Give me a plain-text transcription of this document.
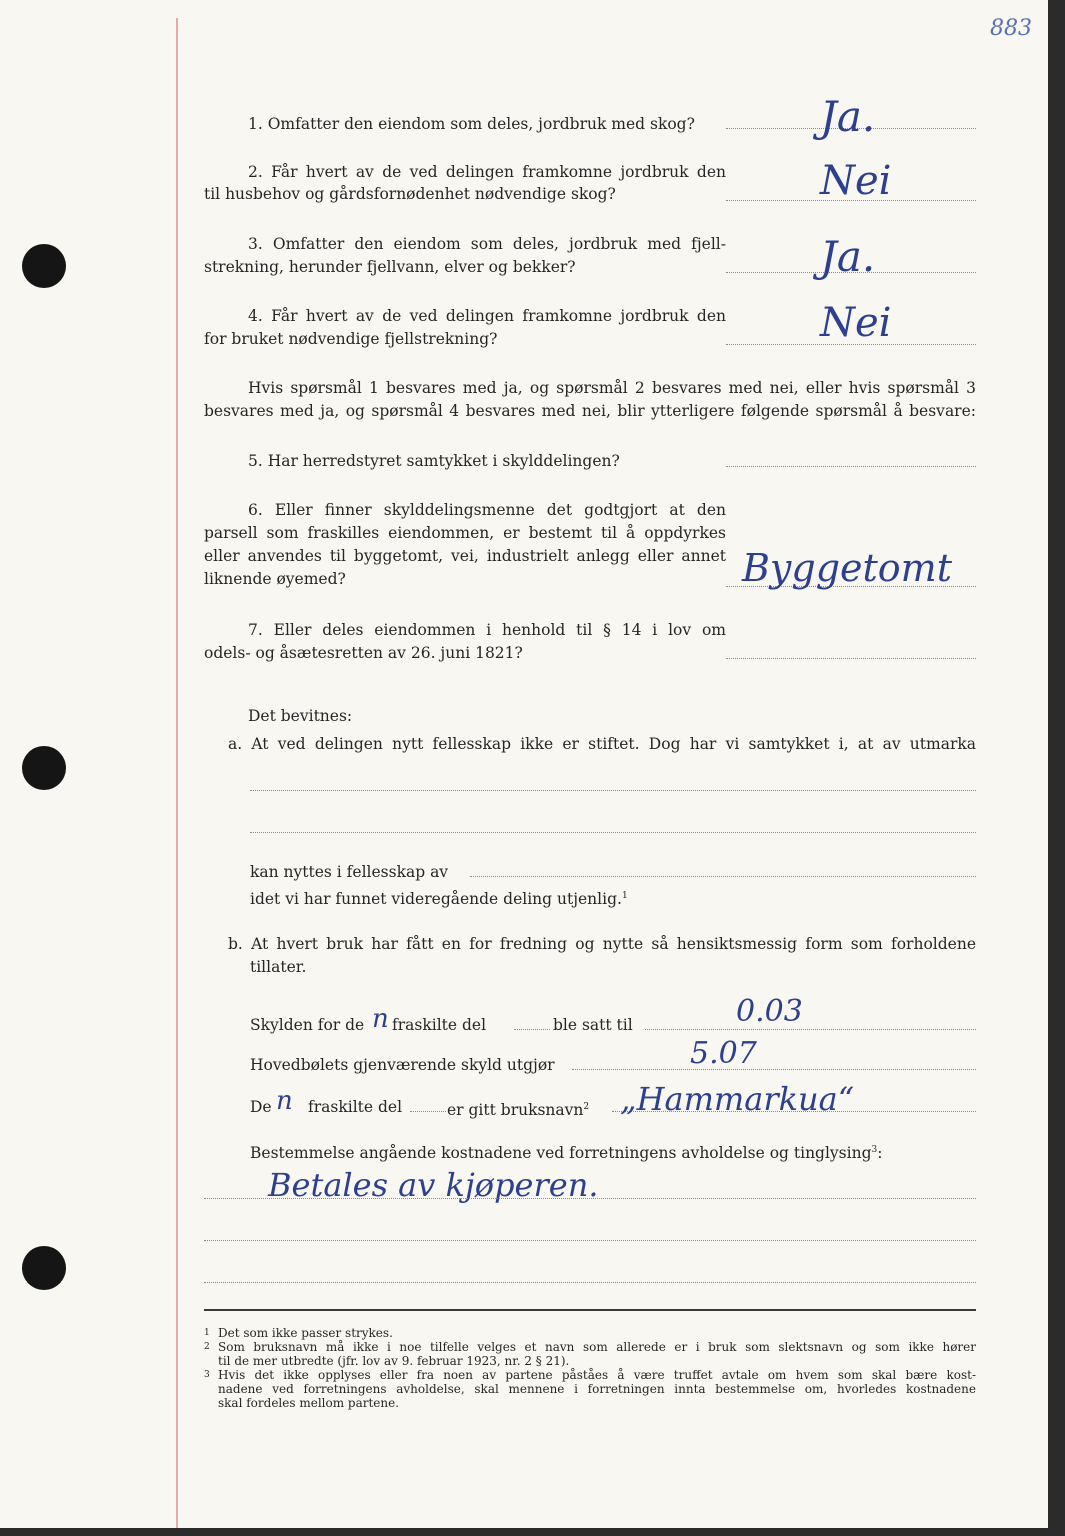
883
1. Omfatter den eiendom som deles, jordbruk med skog?	Ja.
2. Får hvert av de ved delingen framkomne jordbruk den
til husbehov og gårdsfornødenhet nødvendige skog?	Nei
3. Omfatter den eiendom som deles, jordbruk med fjell-
strekning, herunder fjellvann, elver og bekker?	Ja.
4. Får hvert av de ved delingen framkomne jordbruk den
for bruket nødvendige fjellstrekning?	Nei
Hvis spørsmål 1 besvares med ja, og spørsmål 2 besvares med nei, eller hvis spørsmål 3
besvares med ja, og spørsmål 4 besvares med nei, blir ytterligere følgende spørsmål å besvare:
5. Har herredstyret samtykket i skylddelingen?
6. Eller finner skylddelingsmenne det godtgjort at den
parsell som fraskilles eiendommen, er bestemt til å oppdyrkes
eller anvendes til byggetomt, vei, industrielt anlegg eller annet
liknende øyemed?	Byggetomt
7. Eller deles eiendommen i henhold til § 14 i lov om
odels- og åsætesretten av 26. juni 1821?
Det bevitnes:
a. At ved delingen nytt fellesskap ikke er stiftet. Dog har vi samtykket i, at av utmarka
kan nyttes i fellesskap av
idet vi har funnet videregående deling utjenlig.$^1$
b. At hvert bruk har fått en for fredning og nytte så hensiktsmessig form som forholdene
tillater.
Skylden for de n fraskilte del	ble satt til	0.03
Hovedbølets gjenværende skyld utgjør	5.07
De n fraskilte del	er gitt bruksnavn$^2$ „Hammarkua“
Bestemmelse angående kostnadene ved forretningens avholdelse og tinglysing$^3$:
Betales av kjøperen.
$^1$ Det som ikke passer strykes.
$^2$ Som bruksnavn må ikke i noe tilfelle velges et navn som allerede er i bruk som slektsnavn og som ikke hører
til de mer utbredte (jfr. lov av 9. februar 1923, nr. 2 § 21).
$^3$ Hvis det ikke opplyses eller fra noen av partene påståes å være truffet avtale om hvem som skal bære kost-
nadene ved forretningens avholdelse, skal mennene i forretningen innta bestemmelse om, hvorledes kostnadene
skal fordeles mellom partene.
